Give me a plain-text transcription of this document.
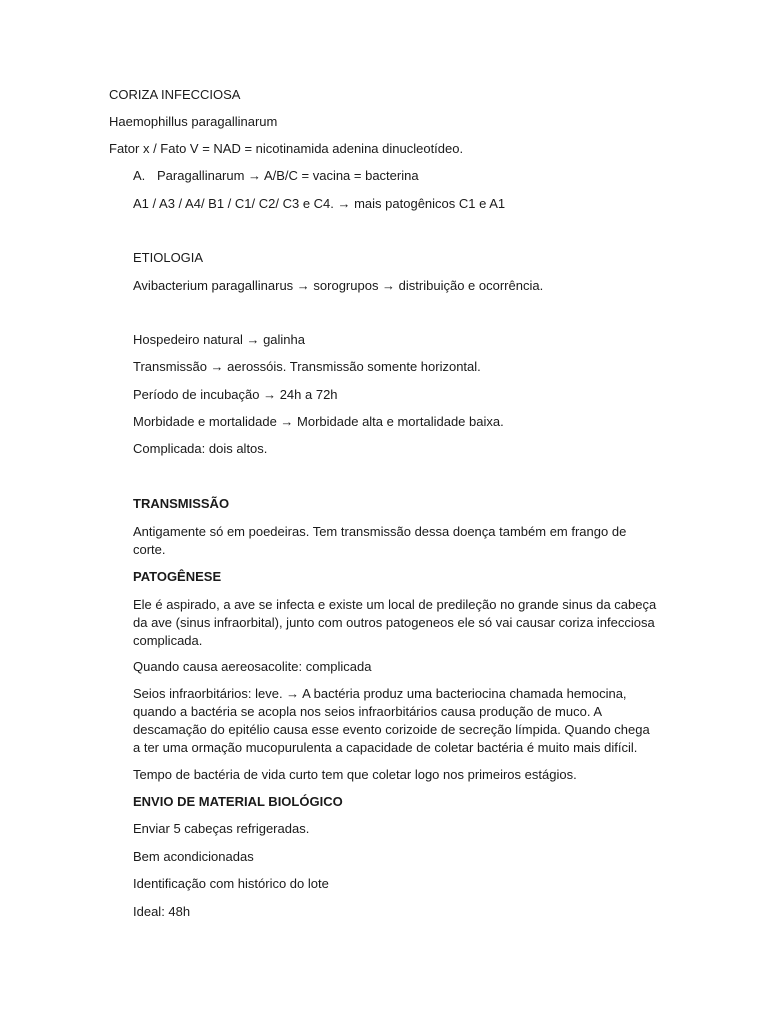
CORIZA INFECCIOSA
Haemophillus paragallinarum
Fator x / Fato V = NAD = nicotinamida adenina dinucleotídeo.
A. Paragallinarum → A/B/C = vacina = bacterina
A1 / A3 / A4/ B1 / C1/ C2/ C3 e C4. → mais patogênicos C1 e A1
ETIOLOGIA
Avibacterium paragallinarus → sorogrupos → distribuição e ocorrência.
Hospedeiro natural → galinha
Transmissão → aerossóis. Transmissão somente horizontal.
Período de incubação → 24h a 72h
Morbidade e mortalidade → Morbidade alta e mortalidade baixa.
Complicada: dois altos.
TRANSMISSÃO
Antigamente só em poedeiras. Tem transmissão dessa doença também em frango de corte.
PATOGÊNESE
Ele é aspirado, a ave se infecta e existe um local de predileção no grande sinus da cabeça da ave (sinus infraorbital), junto com outros patogeneos ele só vai causar coriza infecciosa complicada.
Quando causa aereosacolite: complicada
Seios infraorbitários: leve. → A bactéria produz uma bacteriocina chamada hemocina, quando a bactéria se acopla nos seios infraorbitários causa produção de muco. A descamação do epitélio causa esse evento corizoide de secreção límpida. Quando chega a ter uma ormação mucopurulenta a capacidade de coletar bactéria é muito mais difícil.
Tempo de bactéria de vida curto tem que coletar logo nos primeiros estágios.
ENVIO DE MATERIAL BIOLÓGICO
Enviar 5 cabeças refrigeradas.
Bem acondicionadas
Identificação com histórico do lote
Ideal: 48h
